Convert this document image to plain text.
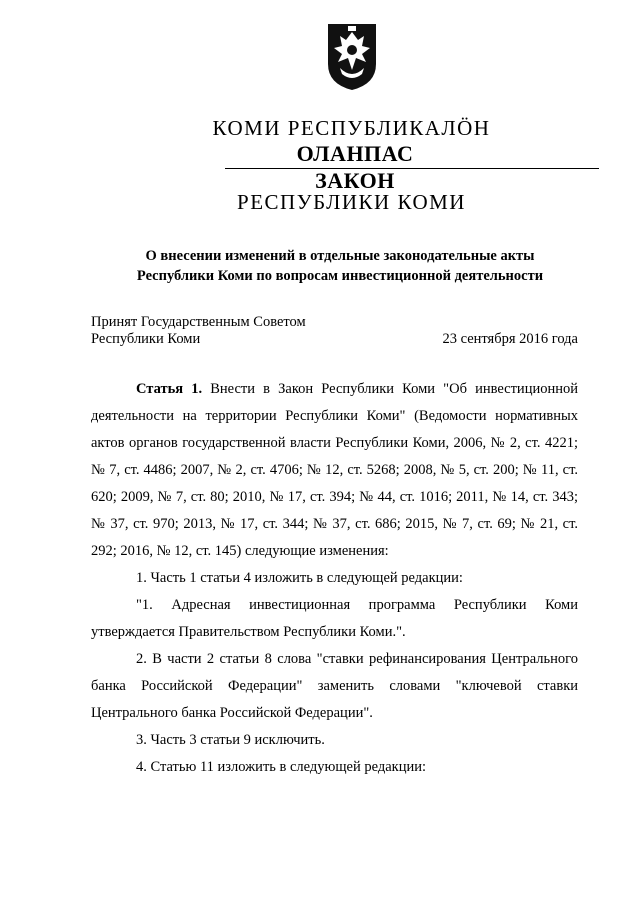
КОМИ РЕСПУБЛИКАЛÖН
ОЛАНПАС
ЗАКОН
РЕСПУБЛИКИ КОМИ
О внесении изменений в отдельные законодательные акты
Республики Коми по вопросам инвестиционной деятельности
Принят Государственным Советом
Республики Коми	23 сентября 2016 года

Статья 1. Внести в Закон Республики Коми "Об инвестиционной деятельности на территории Республики Коми" (Ведомости нормативных актов органов государственной власти Республики Коми, 2006, № 2, ст. 4221; № 7, ст. 4486; 2007, № 2, ст. 4706; № 12, ст. 5268; 2008, № 5, ст. 200; № 11, ст. 620; 2009, № 7, ст. 80; 2010, № 17, ст. 394; № 44, ст. 1016; 2011, № 14, ст. 343; № 37, ст. 970; 2013, № 17, ст. 344; № 37, ст. 686; 2015, № 7, ст. 69; № 21, ст. 292; 2016, № 12, ст. 145) следующие изменения:

1. Часть 1 статьи 4 изложить в следующей редакции:

"1. Адресная инвестиционная программа Республики Коми утверждается Правительством Республики Коми.".

2. В части 2 статьи 8 слова "ставки рефинансирования Центрального банка Российской Федерации" заменить словами "ключевой ставки Центрального банка Российской Федерации".

3. Часть 3 статьи 9 исключить.

4. Статью 11 изложить в следующей редакции:
